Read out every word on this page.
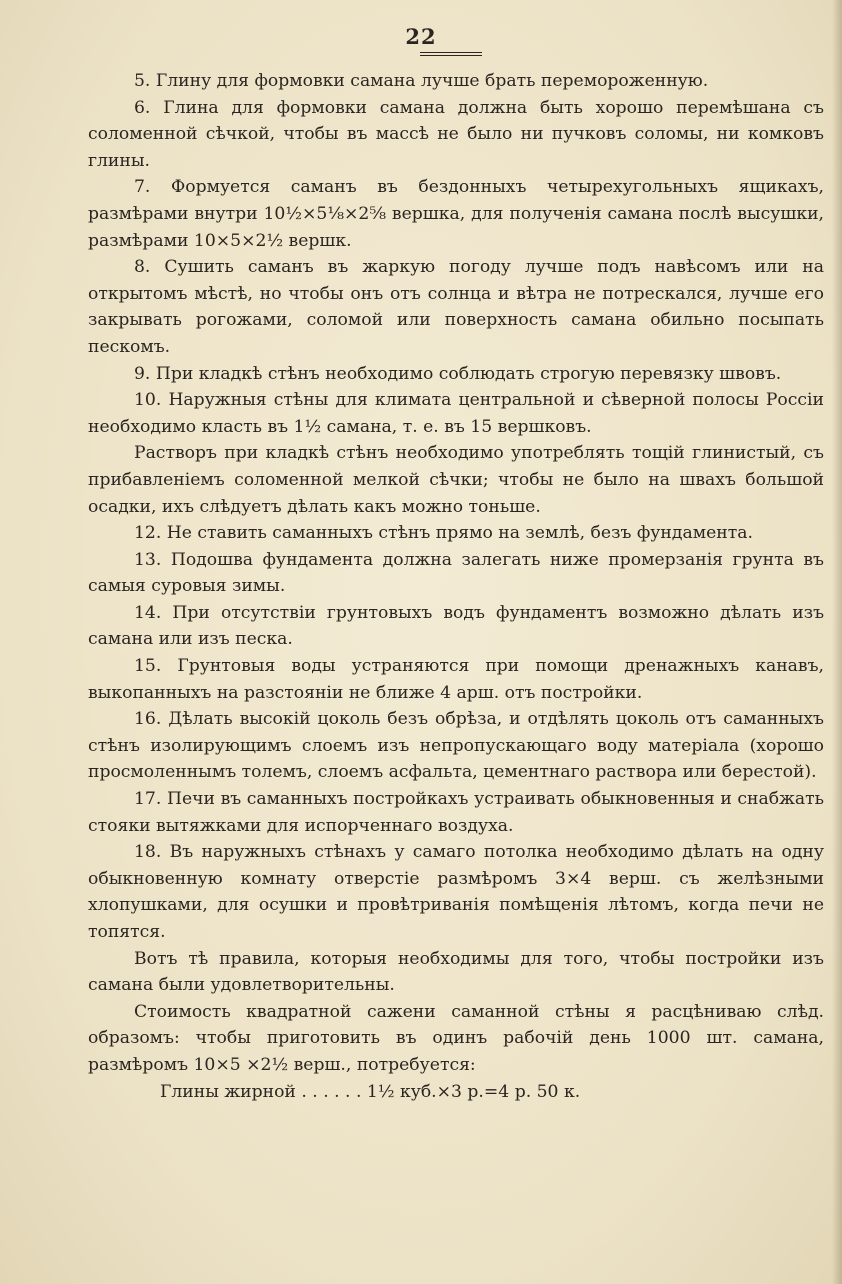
22

5. Глину для формовки самана лучше брать перемороженную.

6. Глина для формовки самана должна быть хорошо перемѣшана съ соломенной сѣчкой, чтобы въ массѣ не было ни пучковъ соломы, ни комковъ глины.

7. Формуется саманъ въ бездонныхъ четырехугольныхъ ящикахъ, размѣрами внутри 10½×5⅛×2⅝ вершка, для полученія самана послѣ высушки, размѣрами 10×5×2½ вершк.

8. Сушить саманъ въ жаркую погоду лучше подъ навѣсомъ или на открытомъ мѣстѣ, но чтобы онъ отъ солнца и вѣтра не потрескался, лучше его закрывать рогожами, соломой или поверхность самана обильно посыпать пескомъ.

9. При кладкѣ стѣнъ необходимо соблюдать строгую перевязку швовъ.

10. Наружныя стѣны для климата центральной и сѣверной полосы Россіи необходимо класть въ 1½ самана, т. е. въ 15 вершковъ.

Растворъ при кладкѣ стѣнъ необходимо употреблять тощій глинистый, съ прибавленіемъ соломенной мелкой сѣчки; чтобы не было на швахъ большой осадки, ихъ слѣдуетъ дѣлать какъ можно тоньше.

12. Не ставить саманныхъ стѣнъ прямо на землѣ, безъ фундамента.

13. Подошва фундамента должна залегать ниже промерзанія грунта въ самыя суровыя зимы.

14. При отсутствіи грунтовыхъ водъ фундаментъ возможно дѣлать изъ самана или изъ песка.

15. Грунтовыя воды устраняются при помощи дренажныхъ канавъ, выкопанныхъ на разстояніи не ближе 4 арш. отъ постройки.

16. Дѣлать высокій цоколь безъ обрѣза, и отдѣлять цоколь отъ саманныхъ стѣнъ изолирующимъ слоемъ изъ непропускающаго воду матеріала (хорошо просмоленнымъ толемъ, слоемъ асфальта, цементнаго раствора или берестой).

17. Печи въ саманныхъ постройкахъ устраивать обыкновенныя и снабжать стояки вытяжками для испорченнаго воздуха.

18. Въ наружныхъ стѣнахъ у самаго потолка необходимо дѣлать на одну обыкновенную комнату отверстіе размѣромъ 3×4 верш. съ желѣзными хлопушками, для осушки и провѣтриванія помѣщенія лѣтомъ, когда печи не топятся.

Вотъ тѣ правила, которыя необходимы для того, чтобы постройки изъ самана были удовлетворительны.

Стоимость квадратной сажени саманной стѣны я расцѣниваю слѣд. образомъ: чтобы приготовить въ одинъ рабочій день 1000 шт. самана, размѣромъ 10×5 ×2½ верш., потребуется:

Глины жирной . . . . . . 1½ куб.×3 р.=4 р. 50 к.
